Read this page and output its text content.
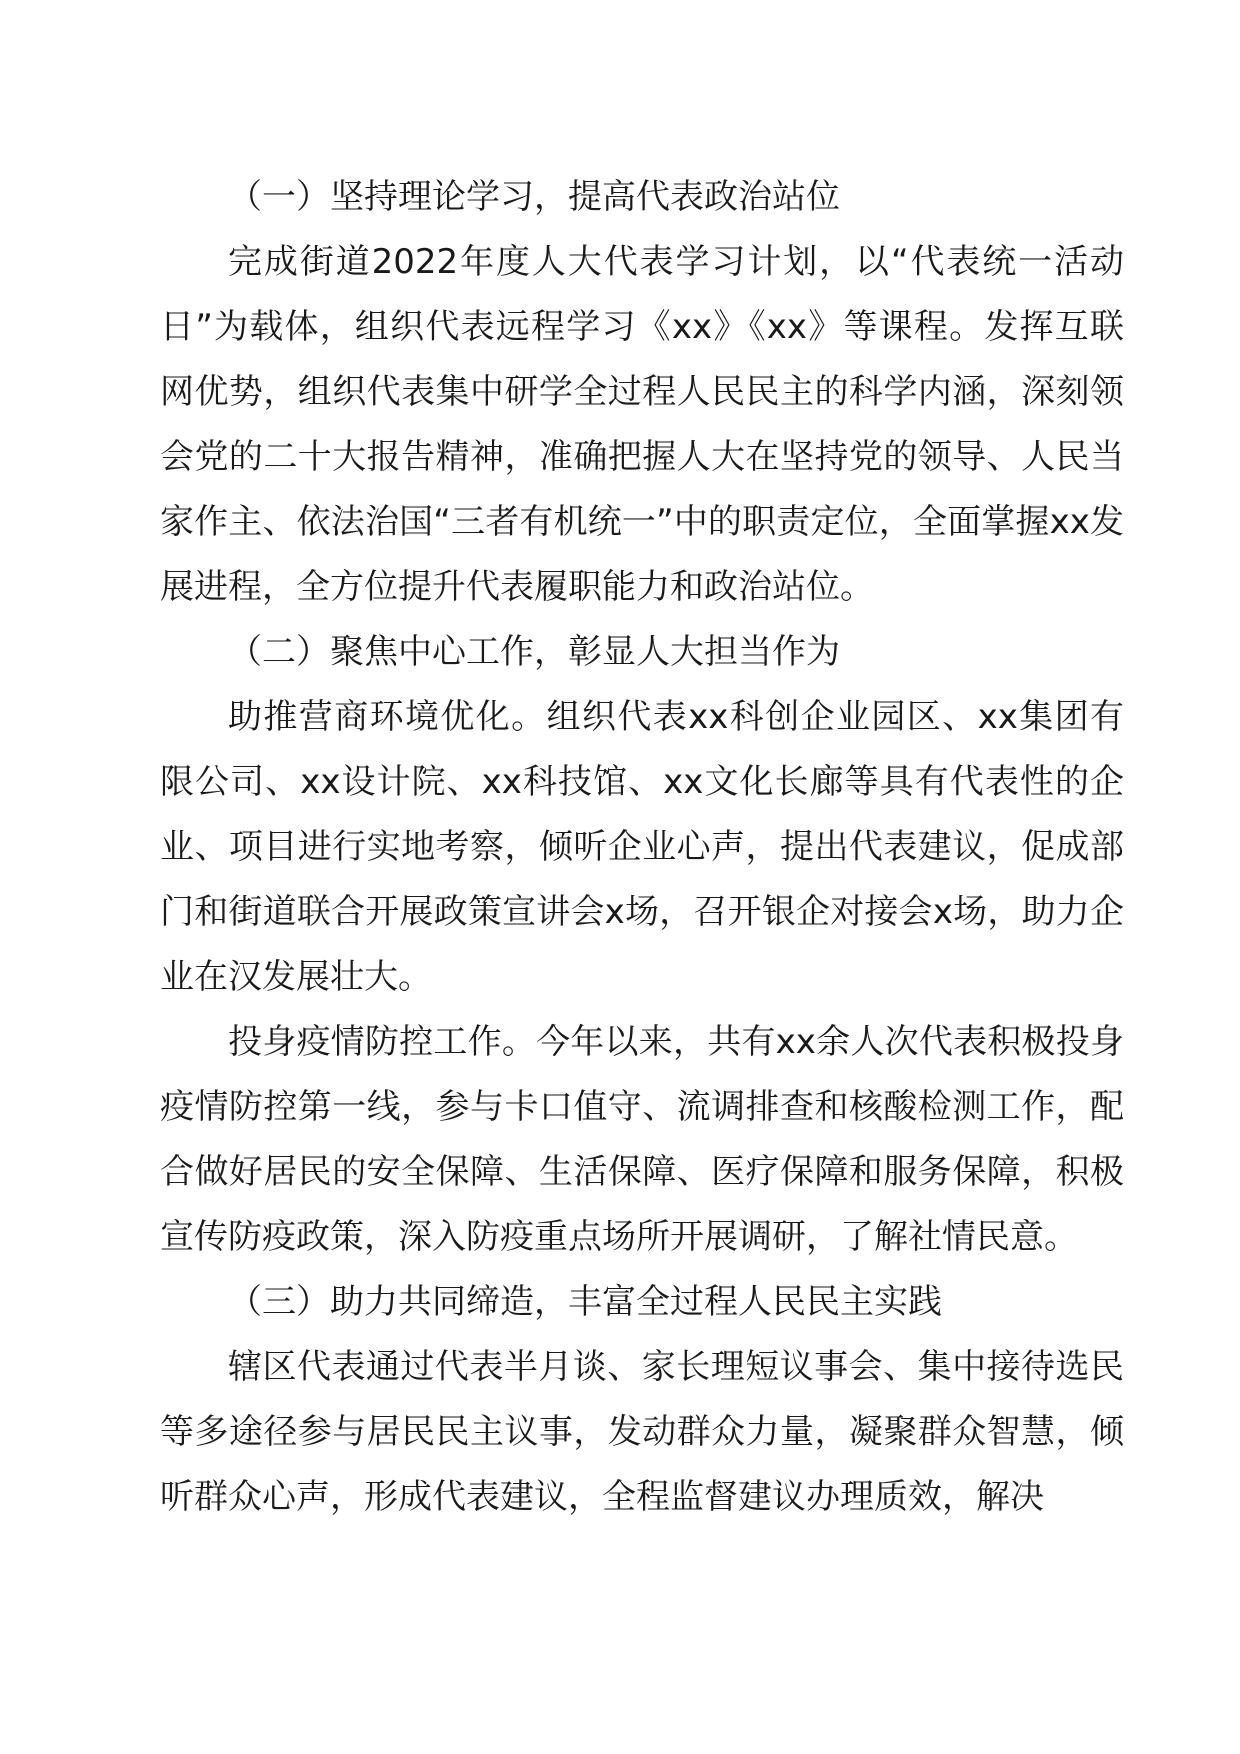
（一）坚持理论学习，提高代表政治站位

完成街道2022年度人大代表学习计划，以“代表统一活动日”为载体，组织代表远程学习《xx》《xx》等课程。发挥互联网优势，组织代表集中研学全过程人民民主的科学内涵，深刻领会党的二十大报告精神，准确把握人大在坚持党的领导、人民当家作主、依法治国“三者有机统一”中的职责定位，全面掌握xx发展进程，全方位提升代表履职能力和政治站位。

（二）聚焦中心工作，彰显人大担当作为

助推营商环境优化。组织代表xx科创企业园区、xx集团有限公司、xx设计院、xx科技馆、xx文化长廊等具有代表性的企业、项目进行实地考察，倾听企业心声，提出代表建议，促成部门和街道联合开展政策宣讲会x场，召开银企对接会x场，助力企业在汉发展壮大。

投身疫情防控工作。今年以来，共有xx余人次代表积极投身疫情防控第一线，参与卡口值守、流调排查和核酸检测工作，配合做好居民的安全保障、生活保障、医疗保障和服务保障，积极宣传防疫政策，深入防疫重点场所开展调研，了解社情民意。

（三）助力共同缔造，丰富全过程人民民主实践

辖区代表通过代表半月谈、家长理短议事会、集中接待选民等多途径参与居民民主议事，发动群众力量，凝聚群众智慧，倾听群众心声，形成代表建议，全程监督建议办理质效，解决
